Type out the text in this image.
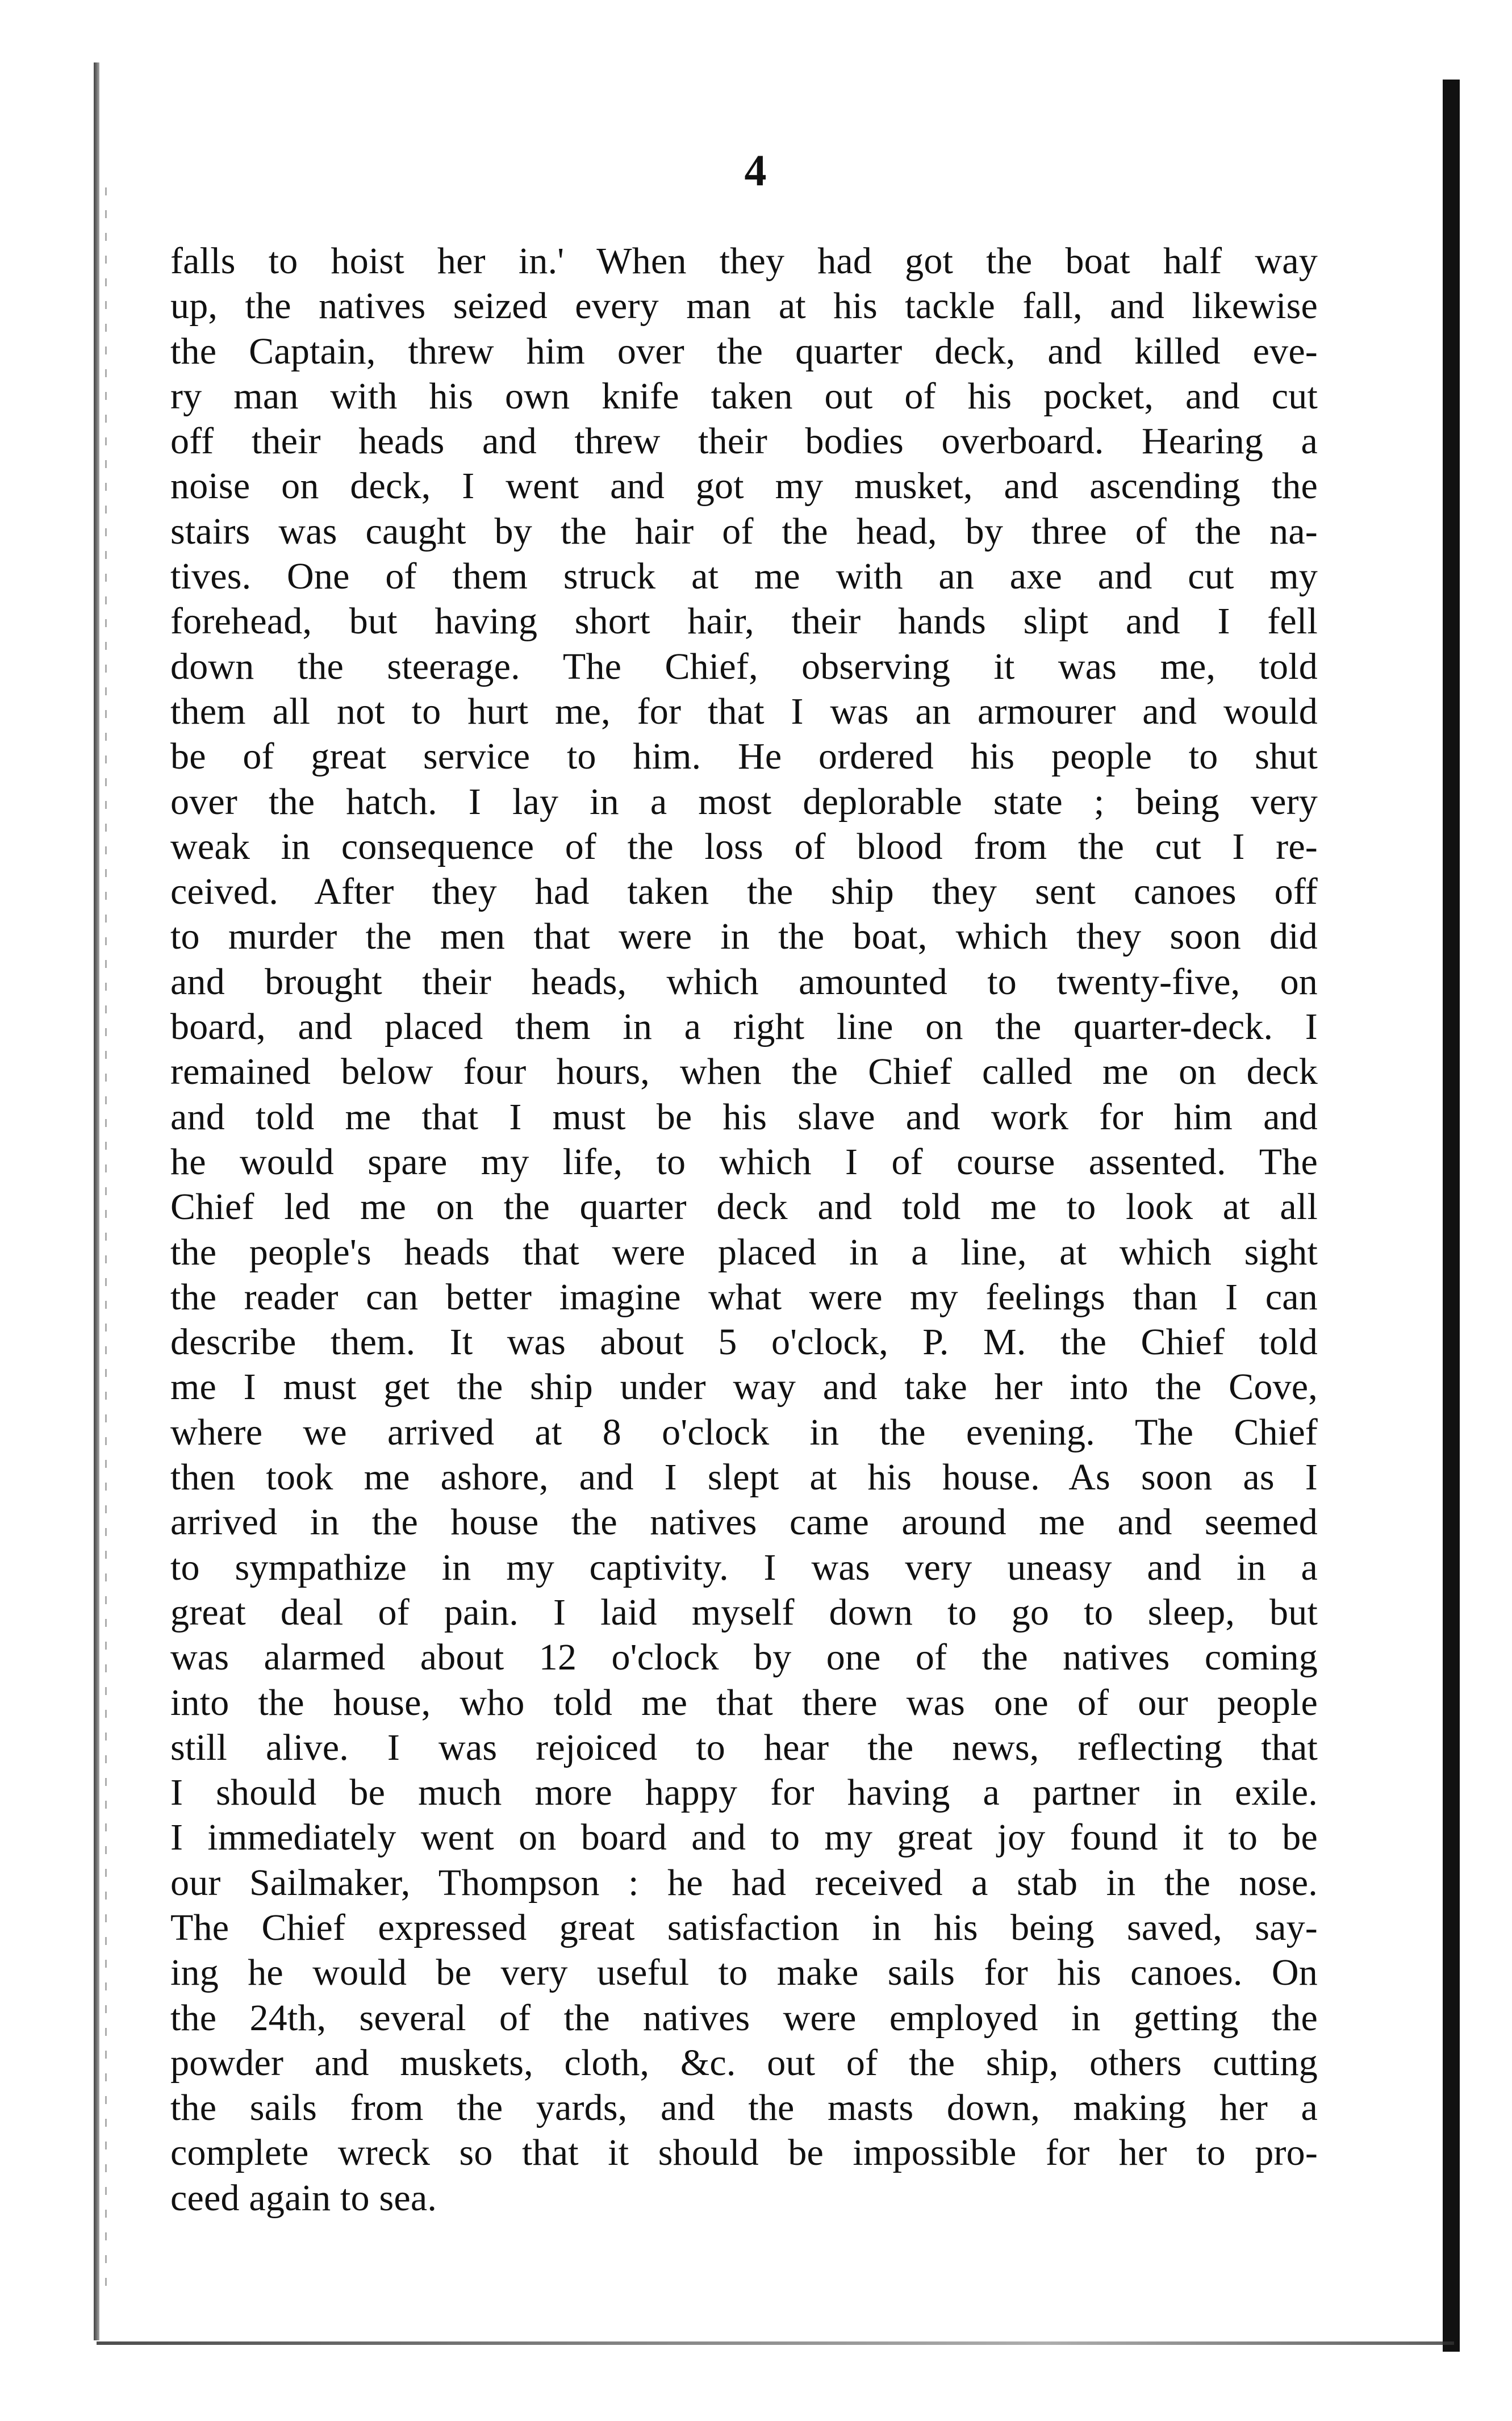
4
falls to hoist her in.' When they had got the boat half way
up, the natives seized every man at his tackle fall, and likewise
the Captain, threw him over the quarter deck, and killed eve-
ry man with his own knife taken out of his pocket, and cut
off their heads and threw their bodies overboard. Hearing a
noise on deck, I went and got my musket, and ascending the
stairs was caught by the hair of the head, by three of the na-
tives. One of them struck at me with an axe and cut my
forehead, but having short hair, their hands slipt and I fell
down the steerage. The Chief, observing it was me, told
them all not to hurt me, for that I was an armourer and would
be of great service to him. He ordered his people to shut
over the hatch. I lay in a most deplorable state ; being very
weak in consequence of the loss of blood from the cut I re-
ceived. After they had taken the ship they sent canoes off
to murder the men that were in the boat, which they soon did
and brought their heads, which amounted to twenty-five, on
board, and placed them in a right line on the quarter-deck. I
remained below four hours, when the Chief called me on deck
and told me that I must be his slave and work for him and
he would spare my life, to which I of course assented. The
Chief led me on the quarter deck and told me to look at all
the people's heads that were placed in a line, at which sight
the reader can better imagine what were my feelings than I can
describe them. It was about 5 o'clock, P. M. the Chief told
me I must get the ship under way and take her into the Cove,
where we arrived at 8 o'clock in the evening. The Chief
then took me ashore, and I slept at his house. As soon as I
arrived in the house the natives came around me and seemed
to sympathize in my captivity. I was very uneasy and in a
great deal of pain. I laid myself down to go to sleep, but
was alarmed about 12 o'clock by one of the natives coming
into the house, who told me that there was one of our people
still alive. I was rejoiced to hear the news, reflecting that
I should be much more happy for having a partner in exile.
I immediately went on board and to my great joy found it to be
our Sailmaker, Thompson : he had received a stab in the nose.
The Chief expressed great satisfaction in his being saved, say-
ing he would be very useful to make sails for his canoes. On
the 24th, several of the natives were employed in getting the
powder and muskets, cloth, &c. out of the ship, others cutting
the sails from the yards, and the masts down, making her a
complete wreck so that it should be impossible for her to pro-
ceed again to sea.
